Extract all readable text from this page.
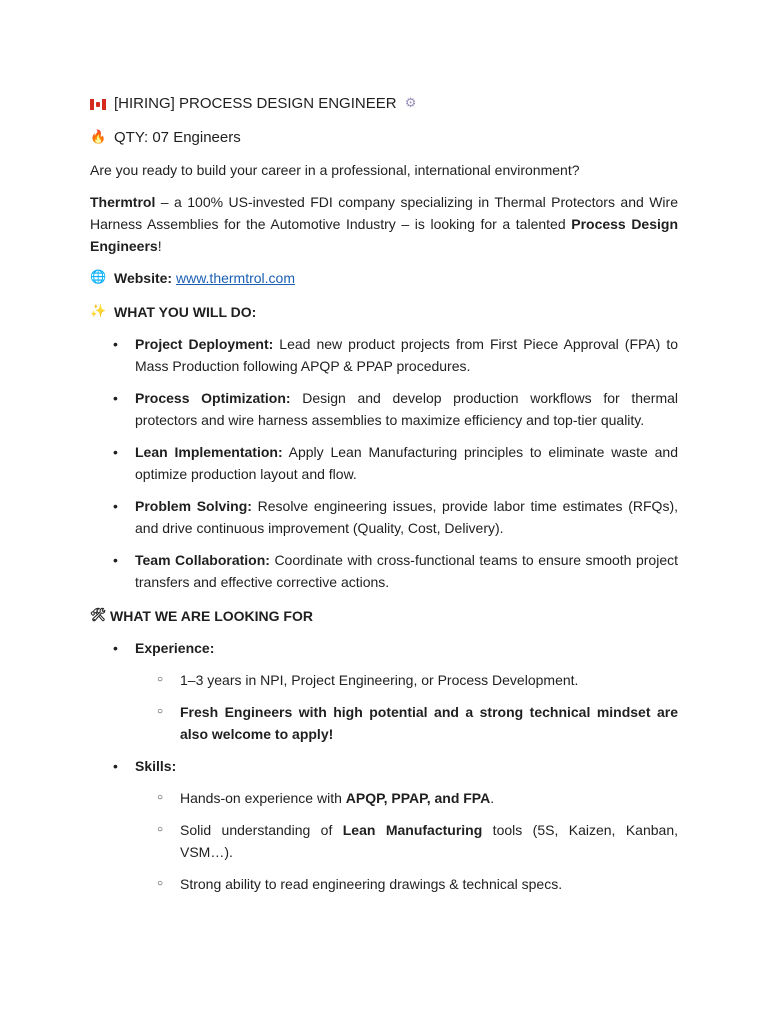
[HIRING] PROCESS DESIGN ENGINEER ⚙
🔥 QTY: 07 Engineers

Are you ready to build your career in a professional, international environment?

Thermtrol – a 100% US-invested FDI company specializing in Thermal Protectors and Wire Harness Assemblies for the Automotive Industry – is looking for a talented Process Design Engineers!

🌐 Website:
www.thermtrol.com
✨ WHAT YOU WILL DO:
• Project Deployment: Lead new product projects from First Piece Approval (FPA) to Mass Production following APQP & PPAP procedures.
• Process Optimization: Design and develop production workflows for thermal protectors and wire harness assemblies to maximize efficiency and top-tier quality.
• Lean Implementation: Apply Lean Manufacturing principles to eliminate waste and optimize production layout and flow.
• Problem Solving: Resolve engineering issues, provide labor time estimates (RFQs), and drive continuous improvement (Quality, Cost, Delivery).
• Team Collaboration: Coordinate with cross-functional teams to ensure smooth project transfers and effective corrective actions.
🛠 WHAT WE ARE LOOKING FOR
• Experience:
○ 1–3 years in NPI, Project Engineering, or Process Development.
○ Fresh Engineers with high potential and a strong technical mindset are also welcome to apply!
• Skills:
○ Hands-on experience with APQP, PPAP, and FPA.
○ Solid understanding of Lean Manufacturing tools (5S, Kaizen, Kanban, VSM…).
○ Strong ability to read engineering drawings & technical specs.
